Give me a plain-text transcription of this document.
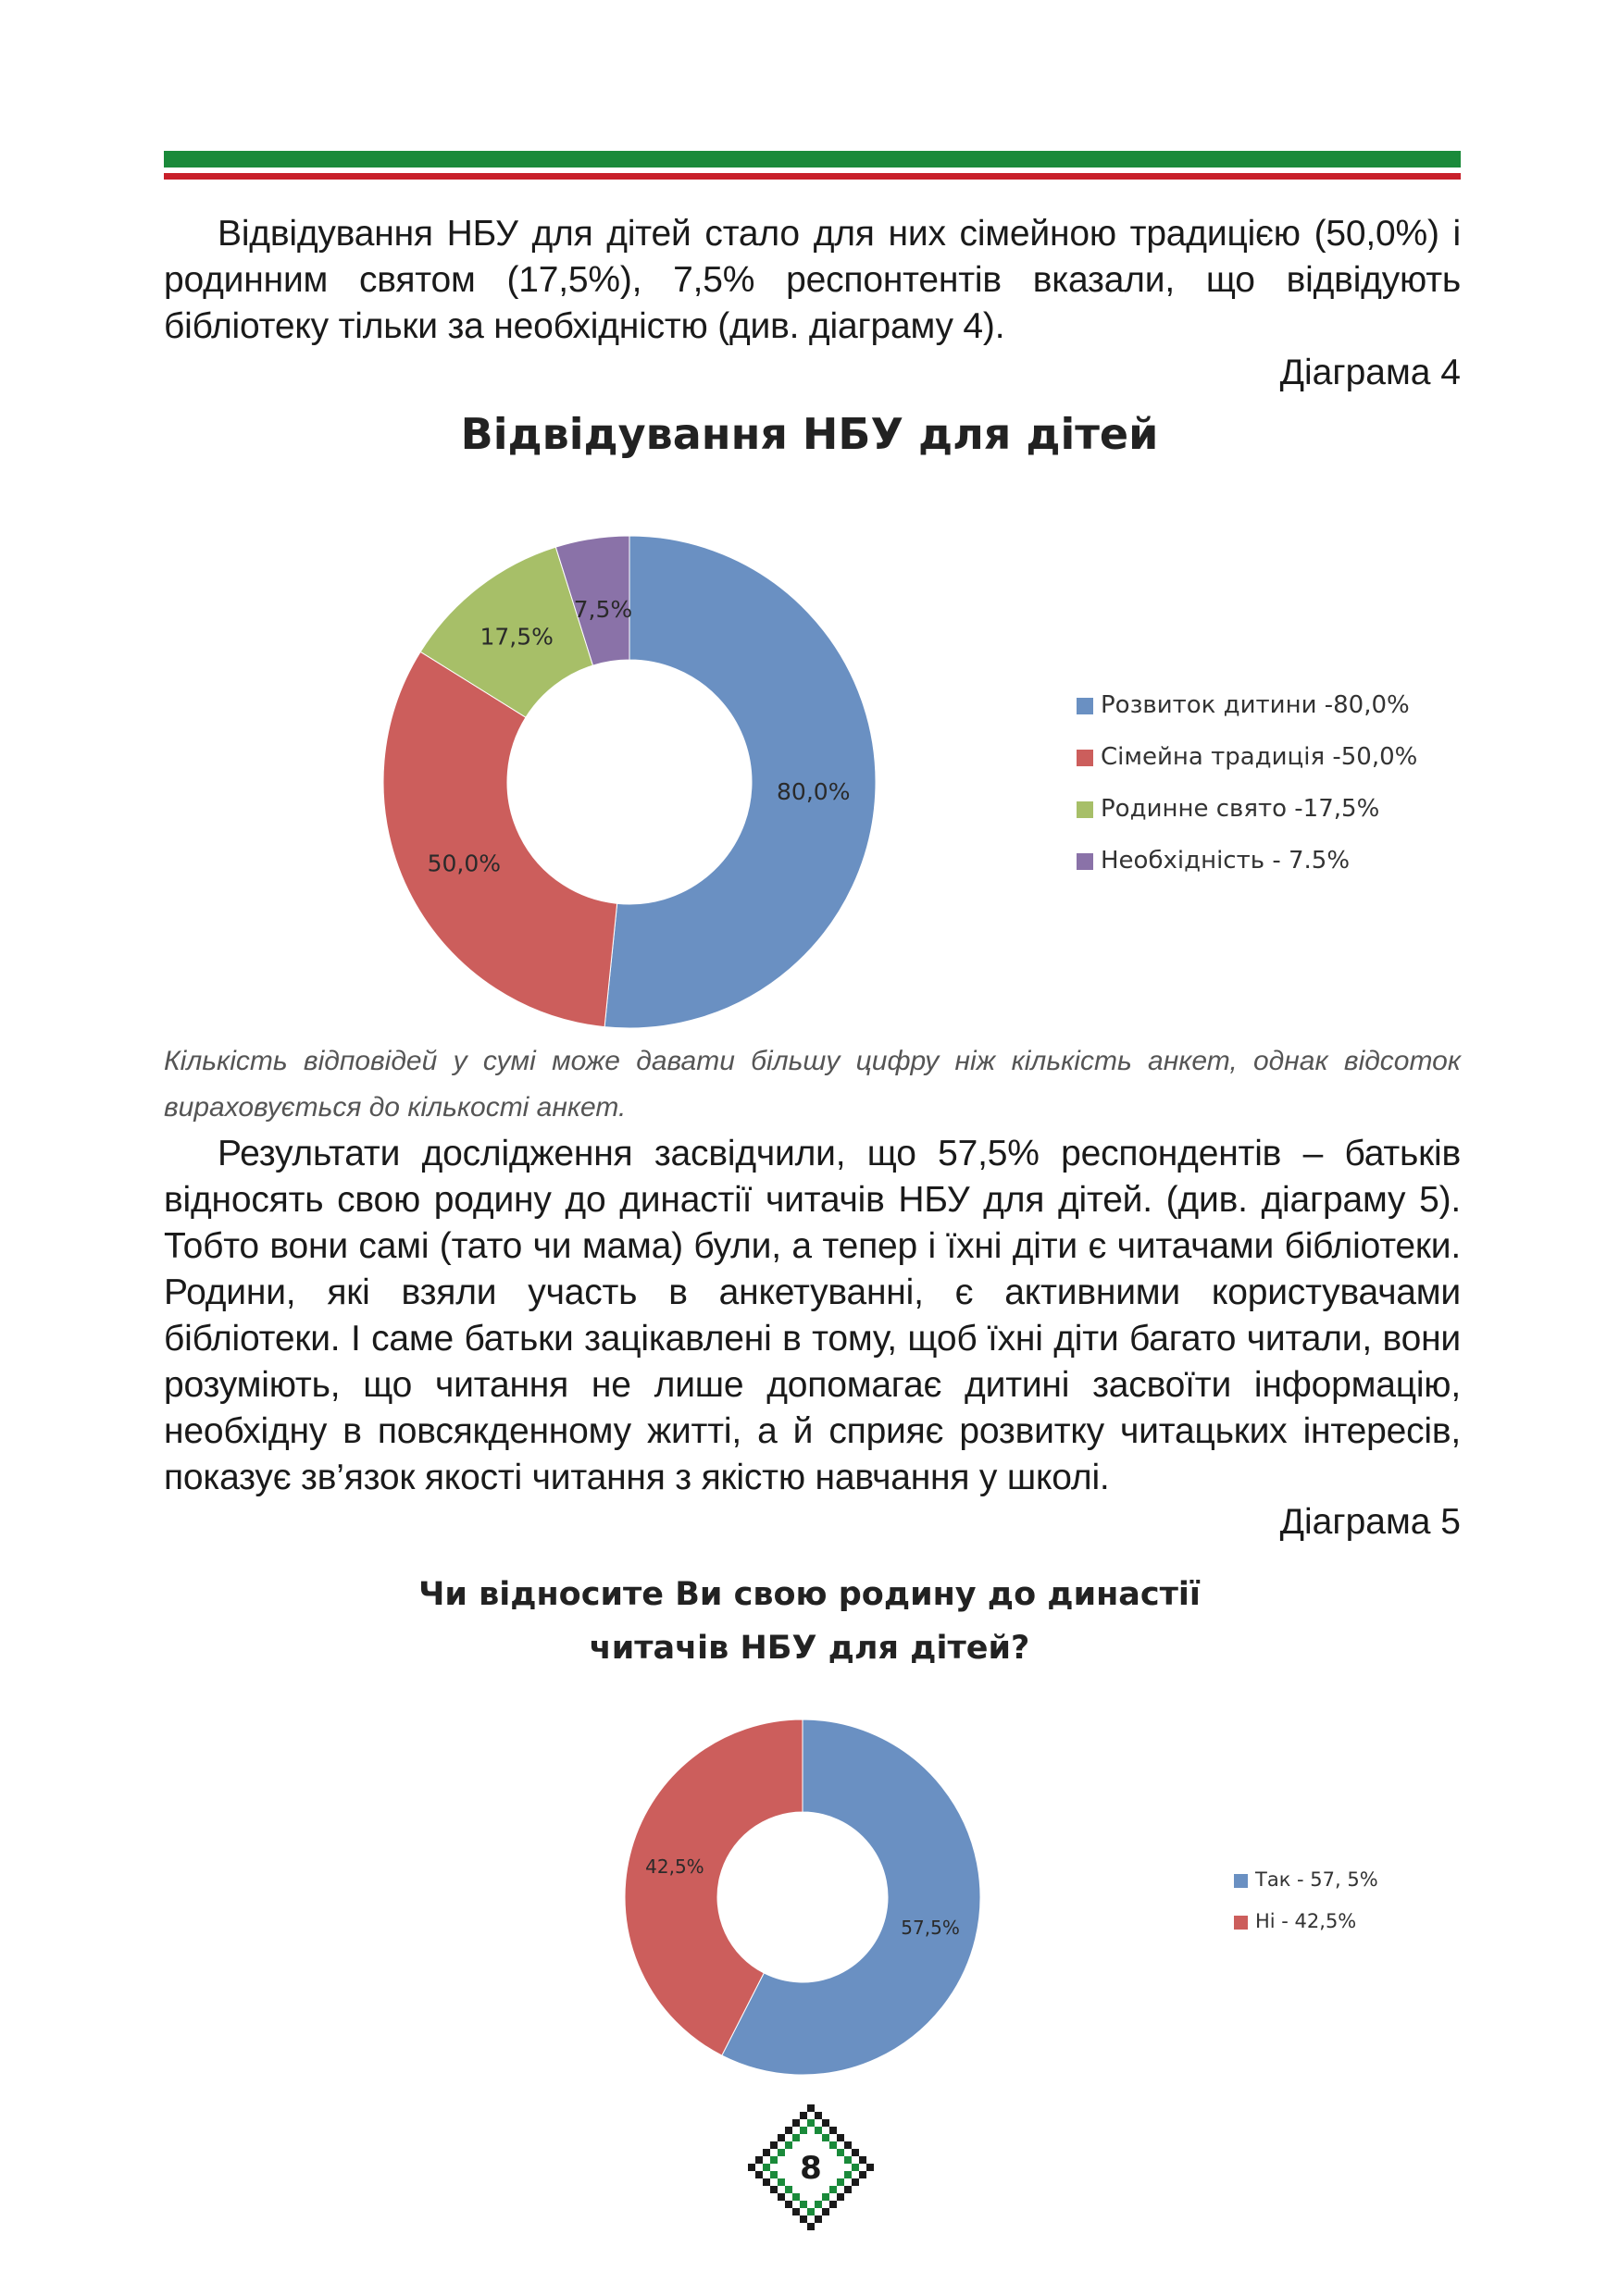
Відвідування НБУ для дітей стало для них сімейною традицією (50,0%) і родинним святом (17,5%), 7,5% респонтентів вказали, що відвідують бібліотеку тільки за необхідністю (див. діаграму 4).

Діаграма 4
Відвідування НБУ для дітей
80,0%
50,0%
17,5%
7,5%
Розвиток дитини -80,0%
Сімейна традиція -50,0%
Родинне свято -17,5%
Необхідність - 7.5%

Кількість відповідей у сумі може давати більшу цифру ніж кількість анкет, однак відсоток вираховується до кількості анкет.

Результати дослідження засвідчили, що 57,5% респондентів – батьків відносять свою родину до династії читачів НБУ для дітей. (див. діаграму 5). Тобто вони самі (тато чи мама) були, а тепер і їхні діти є читачами бібліотеки. Родини, які взяли участь в анкетуванні, є активними користувачами бібліотеки. І саме батьки зацікавлені в тому, щоб їхні діти багато читали, вони розуміють, що читання не лише допомагає дитині засвоїти інформацію, необхідну в повсякденному житті, а й сприяє розвитку читацьких інтересів, показує зв’язок якості читання з якістю навчання у школі.

Діаграма 5
Чи відносите Ви свою родину до династії
читачів НБУ для дітей?
57,5%
42,5%
Так - 57, 5%
Ні - 42,5%
8
